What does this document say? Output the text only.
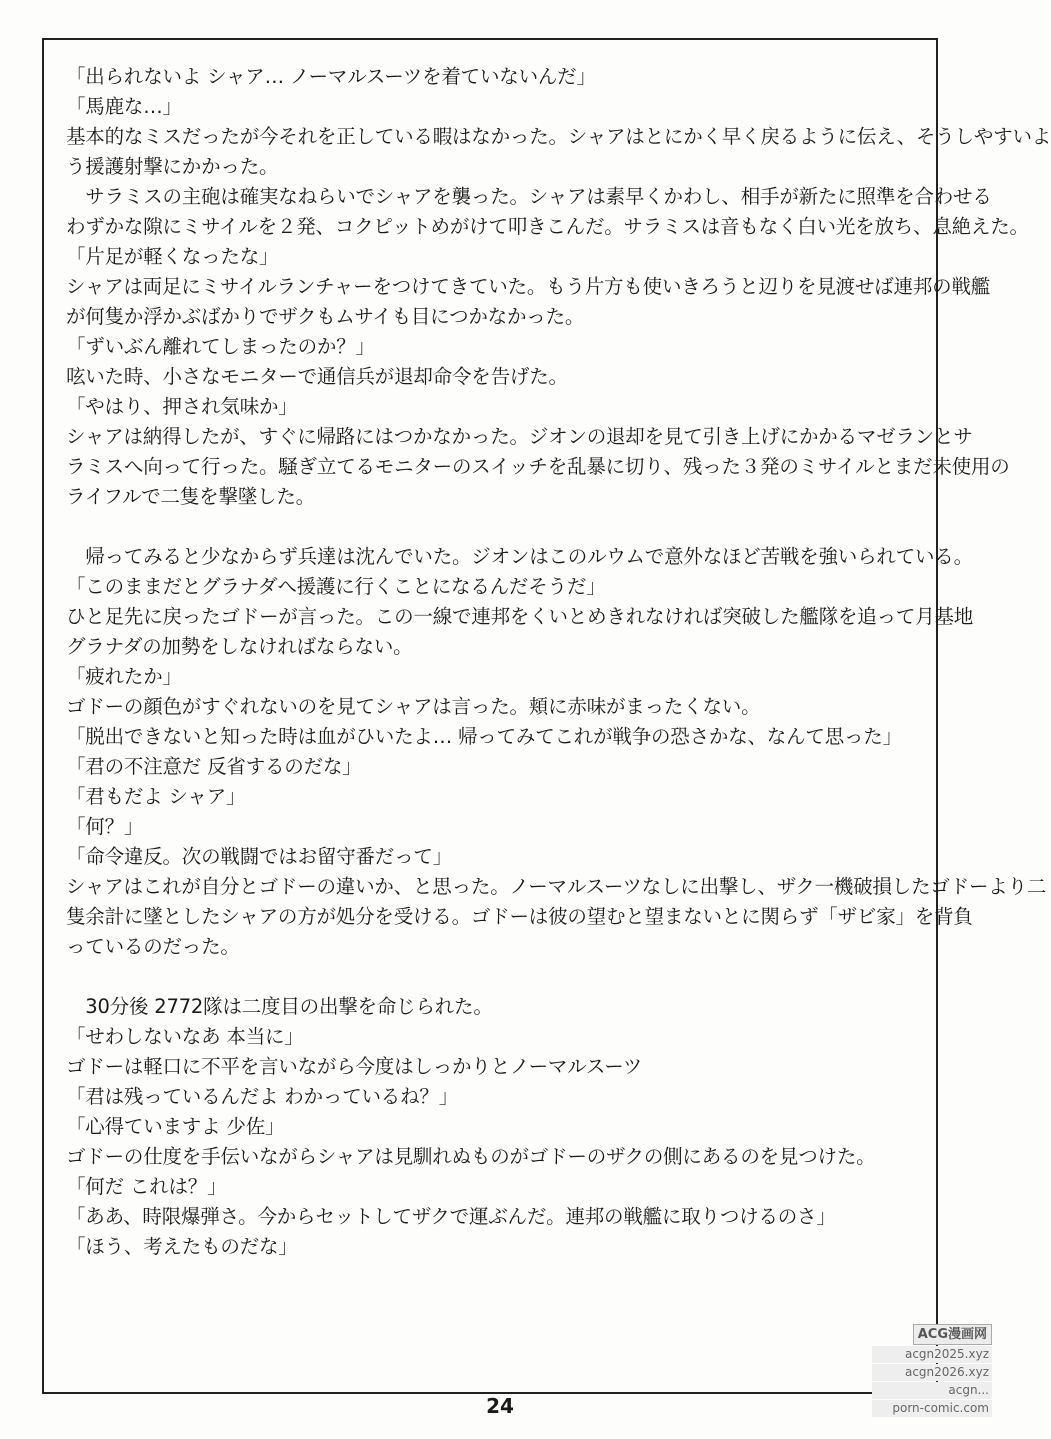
「出られないよ シャア… ノーマルスーツを着ていないんだ」
「馬鹿な…」
基本的なミスだったが今それを正している暇はなかった。シャアはとにかく早く戻るように伝え、そうしやすいよ
う援護射撃にかかった。
　サラミスの主砲は確実なねらいでシャアを襲った。シャアは素早くかわし、相手が新たに照準を合わせる
わずかな隙にミサイルを２発、コクピットめがけて叩きこんだ。サラミスは音もなく白い光を放ち、息絶えた。
「片足が軽くなったな」
シャアは両足にミサイルランチャーをつけてきていた。もう片方も使いきろうと辺りを見渡せば連邦の戦艦
が何隻か浮かぶばかりでザクもムサイも目につかなかった。
「ずいぶん離れてしまったのか？」
呟いた時、小さなモニターで通信兵が退却命令を告げた。
「やはり、押され気味か」
シャアは納得したが、すぐに帰路にはつかなかった。ジオンの退却を見て引き上げにかかるマゼランとサ
ラミスへ向って行った。騒ぎ立てるモニターのスイッチを乱暴に切り、残った３発のミサイルとまだ未使用の
ライフルで二隻を撃墜した。
　帰ってみると少なからず兵達は沈んでいた。ジオンはこのルウムで意外なほど苦戦を強いられている。
「このままだとグラナダへ援護に行くことになるんだそうだ」
ひと足先に戻ったゴドーが言った。この一線で連邦をくいとめきれなければ突破した艦隊を追って月基地
グラナダの加勢をしなければならない。
「疲れたか」
ゴドーの顔色がすぐれないのを見てシャアは言った。頬に赤味がまったくない。
「脱出できないと知った時は血がひいたよ… 帰ってみてこれが戦争の恐さかな、なんて思った」
「君の不注意だ 反省するのだな」
「君もだよ シャア」
「何？」
「命令違反。次の戦闘ではお留守番だって」
シャアはこれが自分とゴドーの違いか、と思った。ノーマルスーツなしに出撃し、ザク一機破損したゴドーより二
隻余計に墜としたシャアの方が処分を受ける。ゴドーは彼の望むと望まないとに関らず「ザビ家」を背負
っているのだった。
　30分後 2772隊は二度目の出撃を命じられた。
「せわしないなあ 本当に」
ゴドーは軽口に不平を言いながら今度はしっかりとノーマルスーツ
「君は残っているんだよ わかっているね？」
「心得ていますよ 少佐」
ゴドーの仕度を手伝いながらシャアは見馴れぬものがゴドーのザクの側にあるのを見つけた。
「何だ これは？」
「ああ、時限爆弾さ。今からセットしてザクで運ぶんだ。連邦の戦艦に取りつけるのさ」
「ほう、考えたものだな」
24
ACG漫画网
acgn2025.xyz
acgn2026.xyz
acgn...
porn-comic.com
